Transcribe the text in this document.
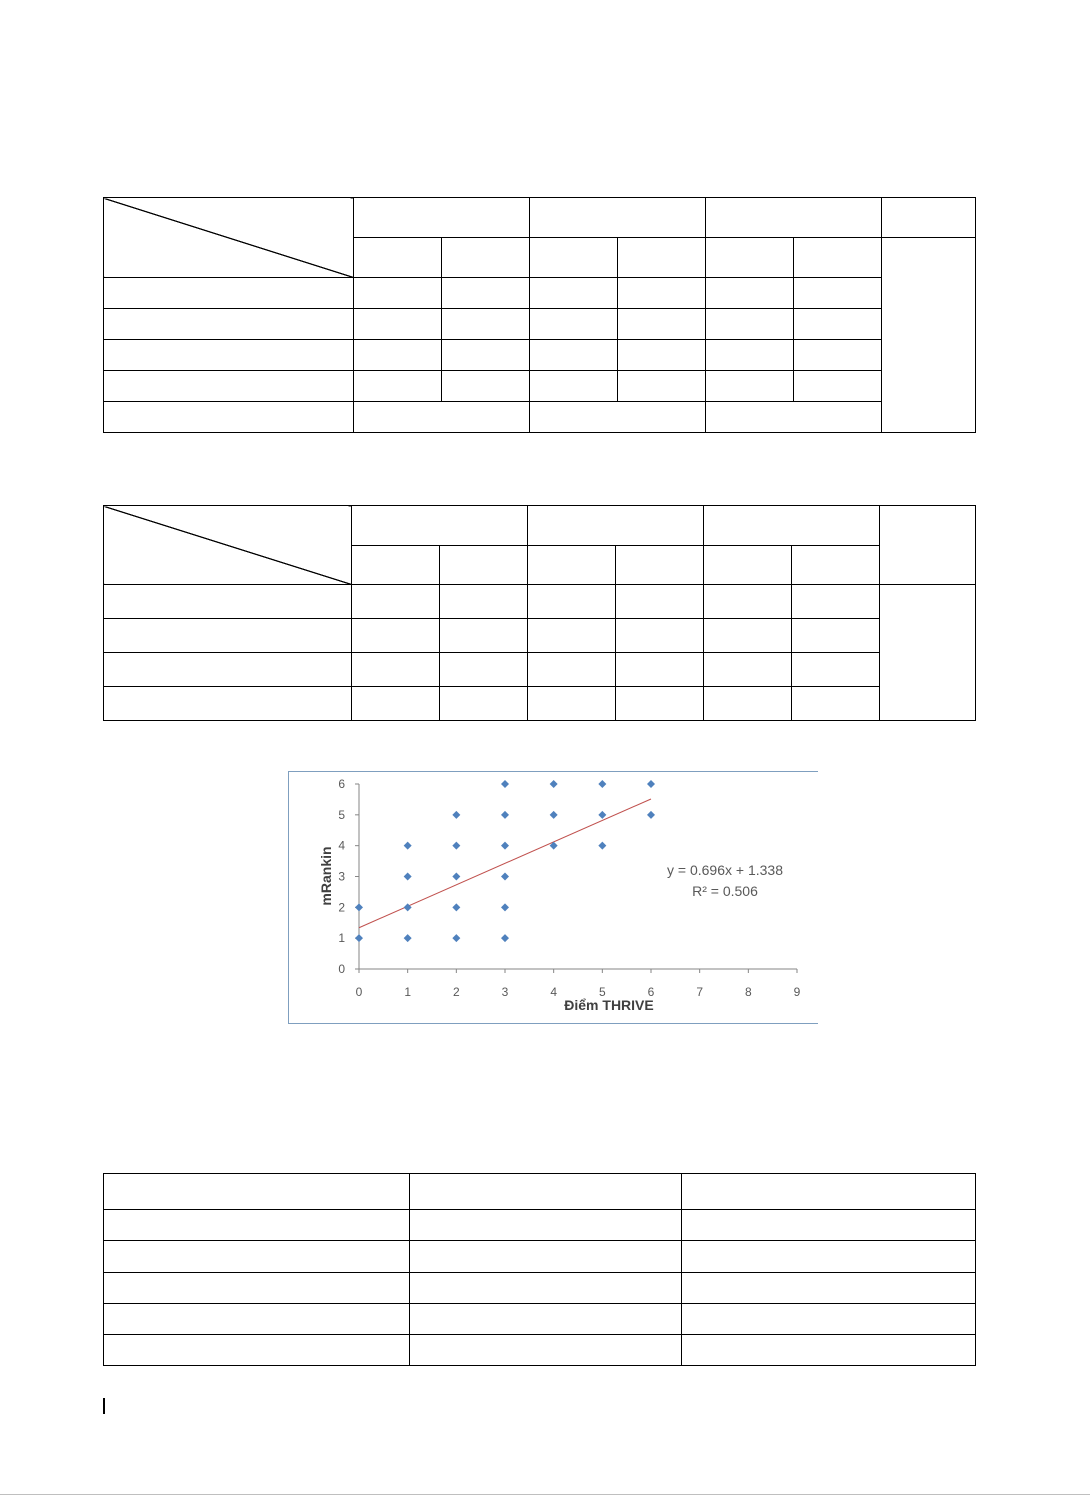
0	1	2	3	4	5	6	7	8	9
0
1
2
3
4
5
6
Điểm THRIVE
mRankin	y = 0.696x + 1.338
R² = 0.506
